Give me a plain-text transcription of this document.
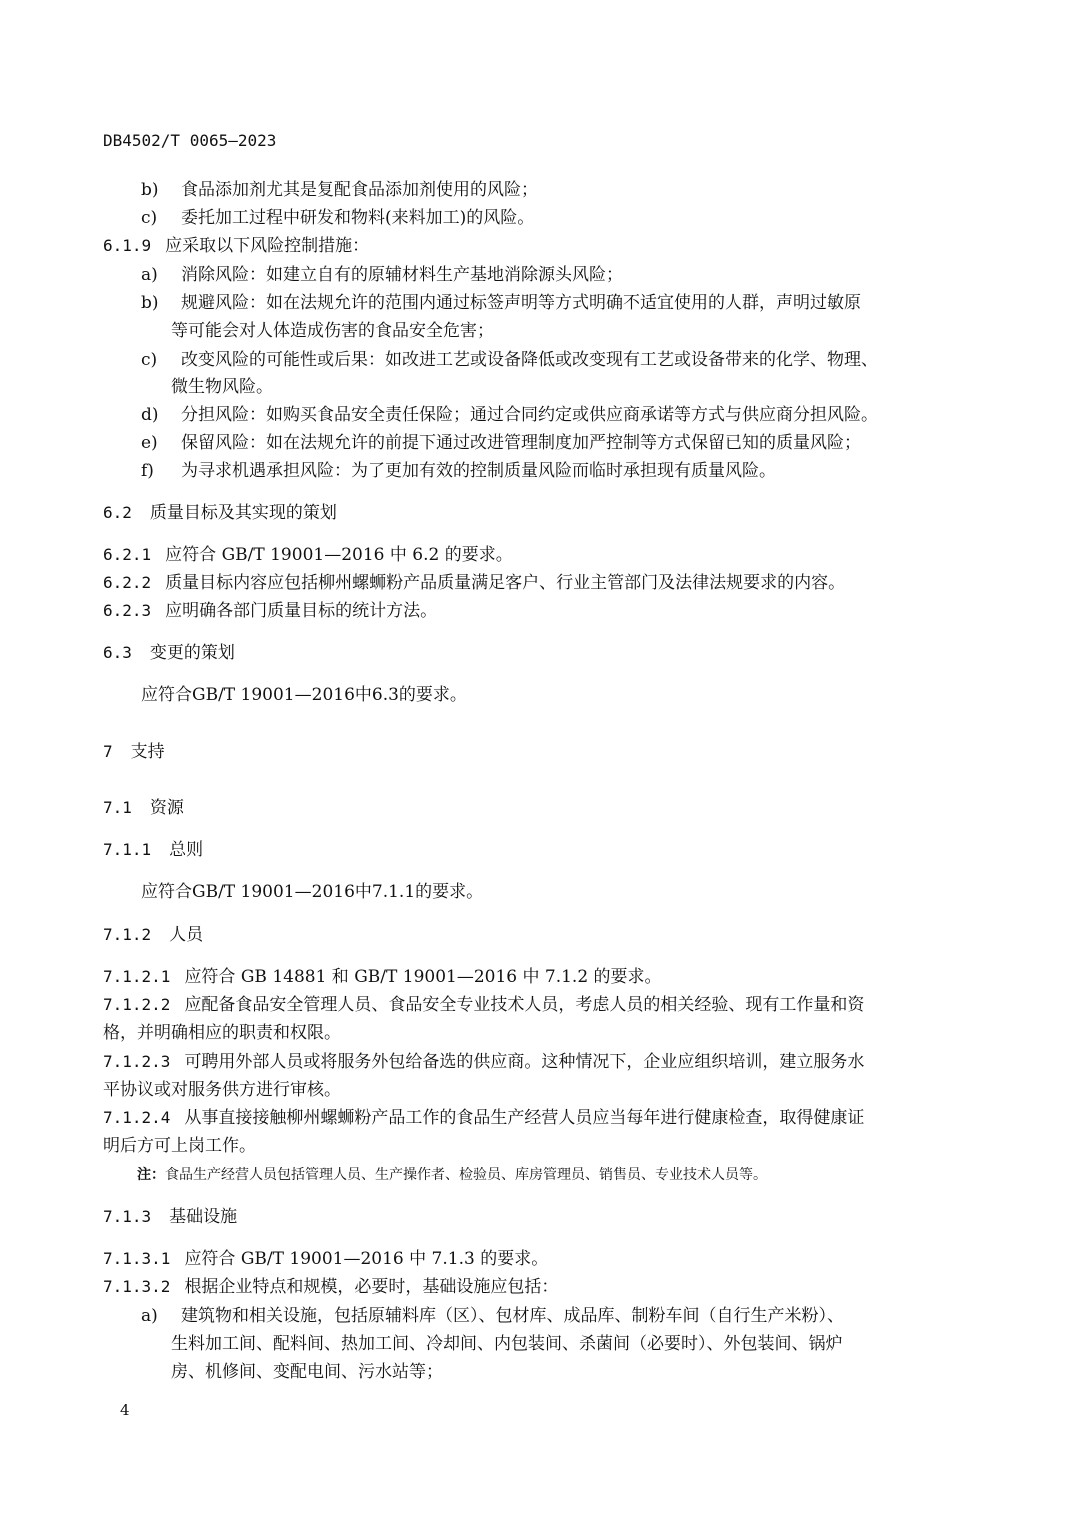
DB4502/T 0065—2023
b) 食品添加剂尤其是复配食品添加剂使用的风险；
c) 委托加工过程中研发和物料(来料加工)的风险。
6.1.9 应采取以下风险控制措施：
a) 消除风险：如建立自有的原辅材料生产基地消除源头风险；
b) 规避风险：如在法规允许的范围内通过标签声明等方式明确不适宜使用的人群，声明过敏原
等可能会对人体造成伤害的食品安全危害；
c) 改变风险的可能性或后果：如改进工艺或设备降低或改变现有工艺或设备带来的化学、物理、
微生物风险。
d) 分担风险：如购买食品安全责任保险；通过合同约定或供应商承诺等方式与供应商分担风险。
e) 保留风险：如在法规允许的前提下通过改进管理制度加严控制等方式保留已知的质量风险；
f) 为寻求机遇承担风险：为了更加有效的控制质量风险而临时承担现有质量风险。
6.2 质量目标及其实现的策划
6.2.1 应符合 GB/T 19001—2016 中 6.2 的要求。
6.2.2 质量目标内容应包括柳州螺蛳粉产品质量满足客户、行业主管部门及法律法规要求的内容。
6.2.3 应明确各部门质量目标的统计方法。
6.3 变更的策划
应符合GB/T 19001—2016中6.3的要求。
7 支持
7.1 资源
7.1.1 总则
应符合GB/T 19001—2016中7.1.1的要求。
7.1.2 人员
7.1.2.1 应符合 GB 14881 和 GB/T 19001—2016 中 7.1.2 的要求。
7.1.2.2 应配备食品安全管理人员、食品安全专业技术人员，考虑人员的相关经验、现有工作量和资
格，并明确相应的职责和权限。
7.1.2.3 可聘用外部人员或将服务外包给备选的供应商。这种情况下，企业应组织培训，建立服务水
平协议或对服务供方进行审核。
7.1.2.4 从事直接接触柳州螺蛳粉产品工作的食品生产经营人员应当每年进行健康检查，取得健康证
明后方可上岗工作。
注：食品生产经营人员包括管理人员、生产操作者、检验员、库房管理员、销售员、专业技术人员等。
7.1.3 基础设施
7.1.3.1 应符合 GB/T 19001—2016 中 7.1.3 的要求。
7.1.3.2 根据企业特点和规模，必要时，基础设施应包括：
a) 建筑物和相关设施，包括原辅料库（区）、包材库、成品库、制粉车间（自行生产米粉）、
生料加工间、配料间、热加工间、冷却间、内包装间、杀菌间（必要时）、外包装间、锅炉
房、机修间、变配电间、污水站等；
4
